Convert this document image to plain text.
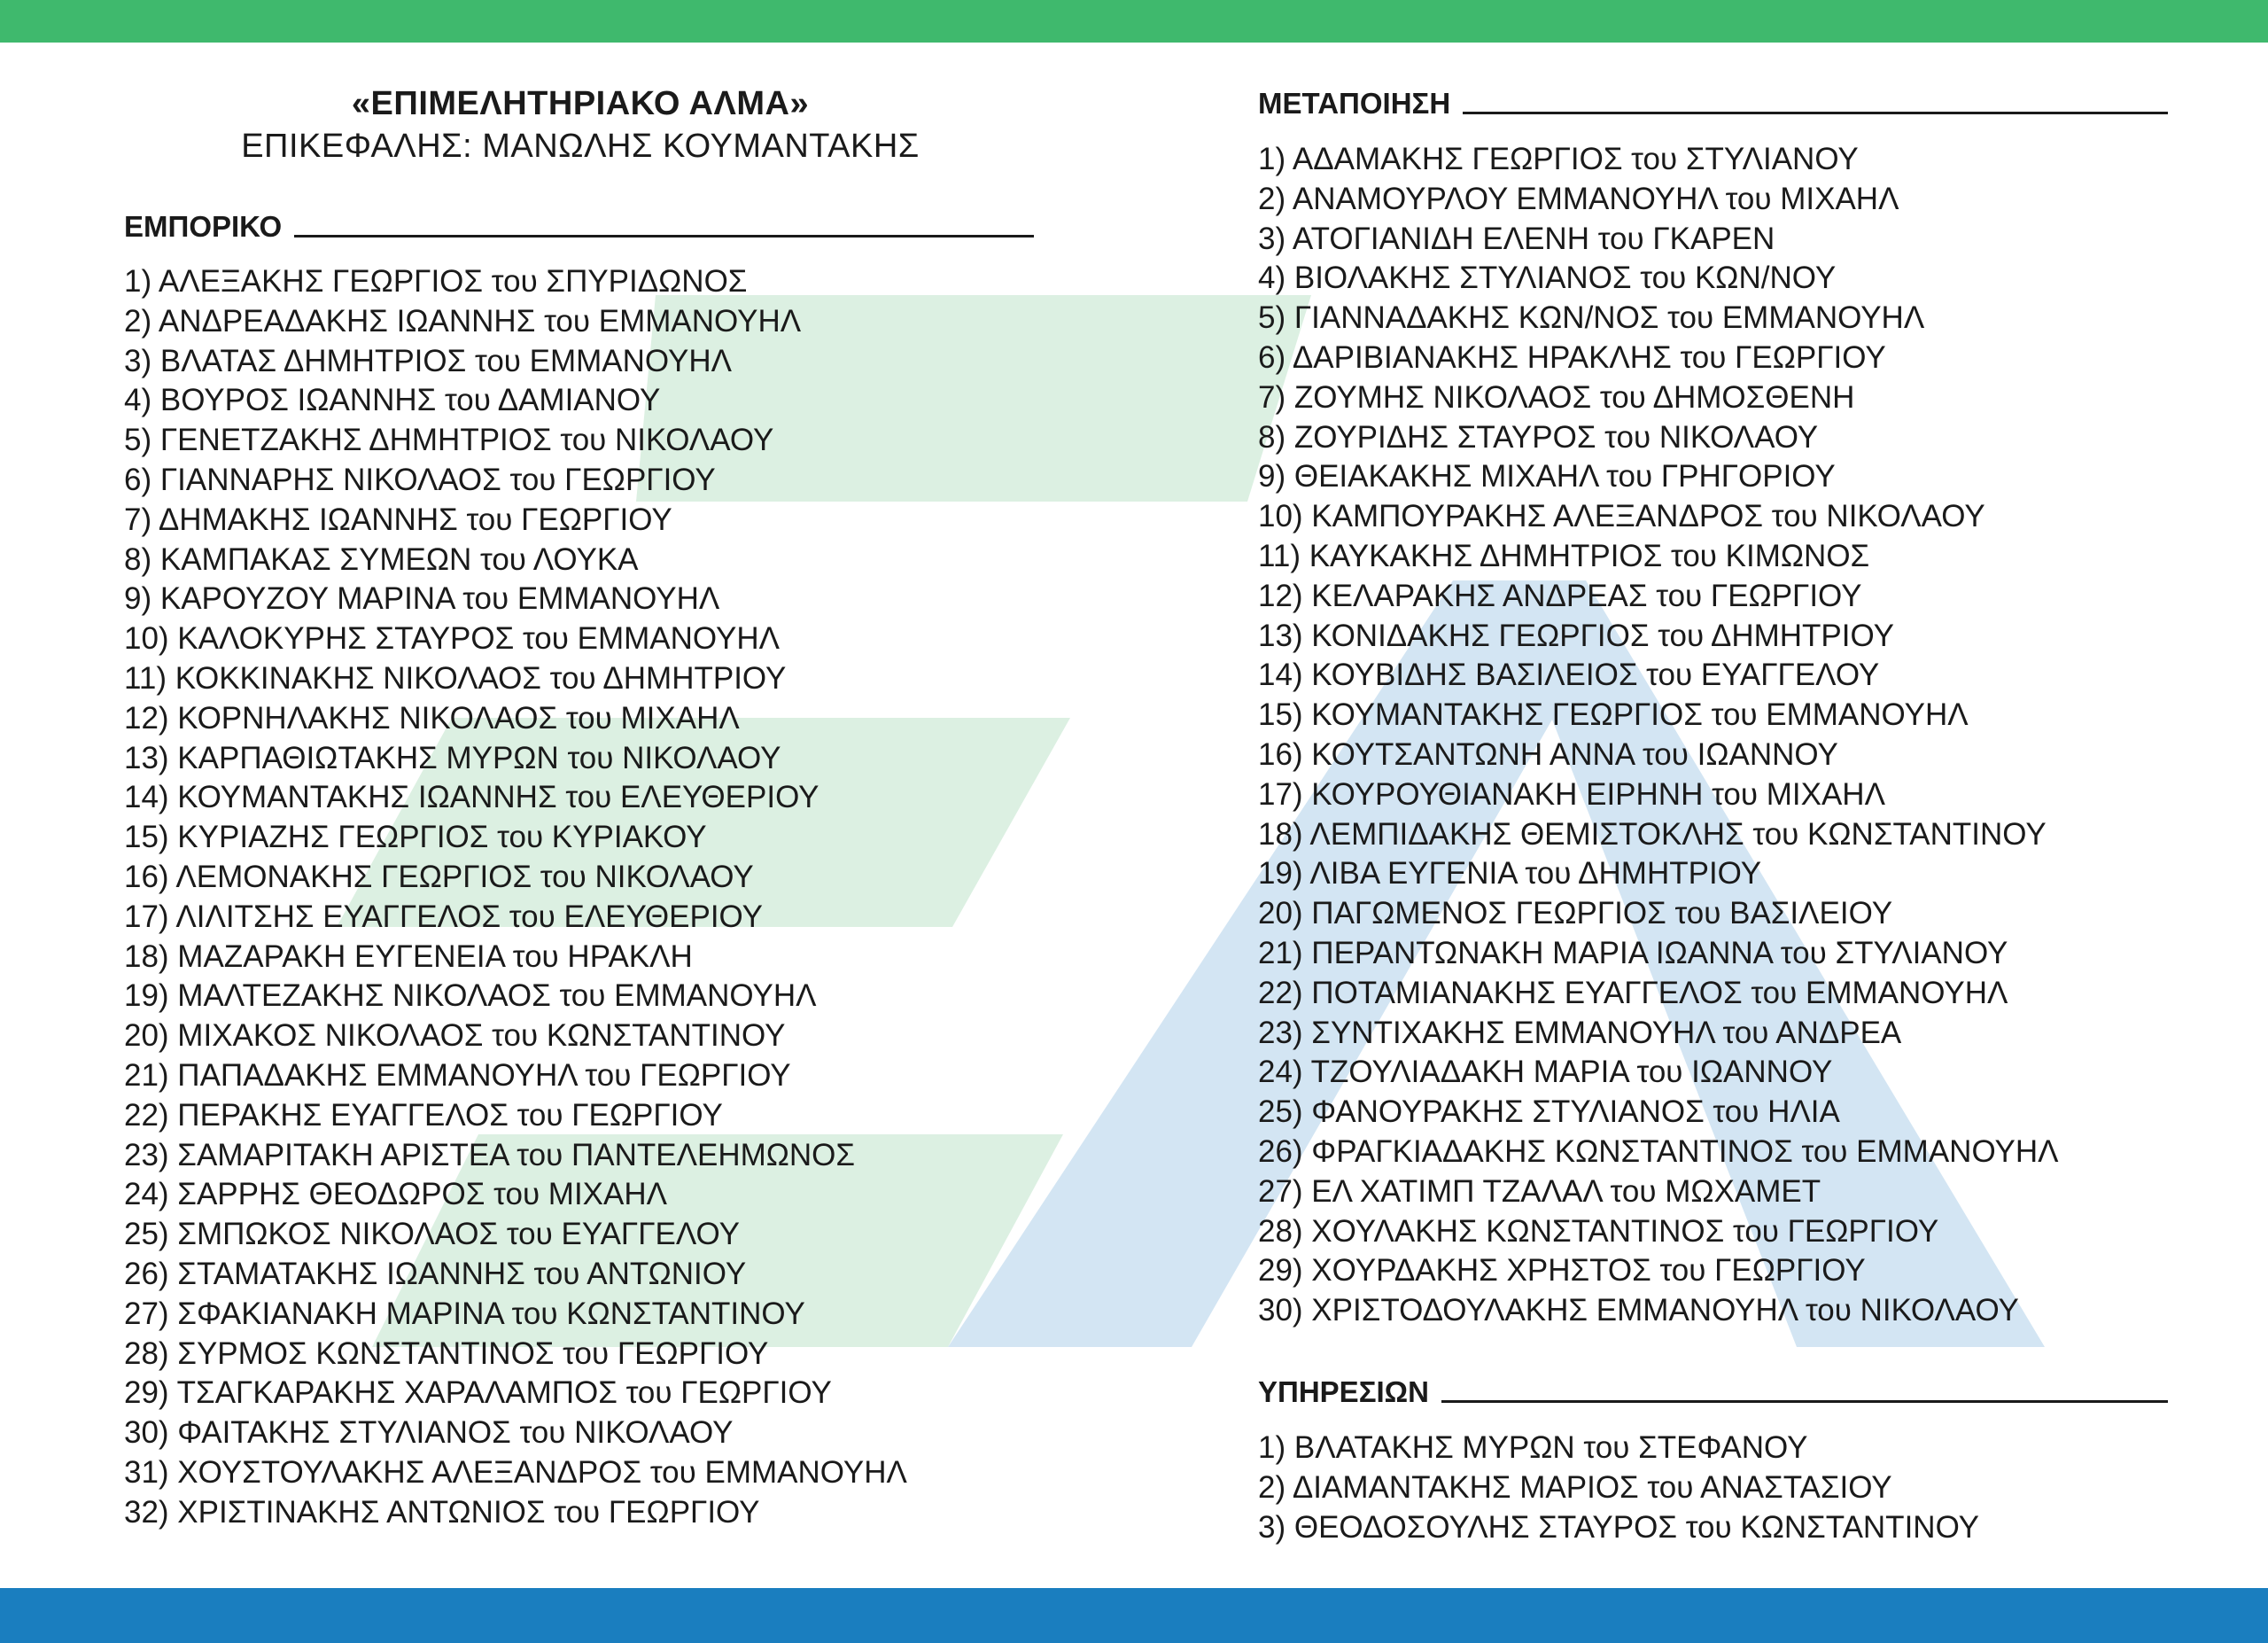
«ΕΠΙΜΕΛΗΤΗΡΙΑΚΟ ΑΛΜΑ»
ΕΠΙΚΕΦΑΛΗΣ: ΜΑΝΩΛΗΣ ΚΟΥΜΑΝΤΑΚΗΣ
ΕΜΠΟΡΙΚΟ
1) ΑΛΕΞΑΚΗΣ ΓΕΩΡΓΙΟΣ του ΣΠΥΡΙΔΩΝΟΣ
2) ΑΝΔΡΕΑΔΑΚΗΣ ΙΩΑΝΝΗΣ του ΕΜΜΑΝΟΥΗΛ
3) ΒΛΑΤΑΣ ΔΗΜΗΤΡΙΟΣ του ΕΜΜΑΝΟΥΗΛ
4) ΒΟΥΡΟΣ ΙΩΑΝΝΗΣ του ΔΑΜΙΑΝΟΥ
5) ΓΕΝΕΤΖΑΚΗΣ ΔΗΜΗΤΡΙΟΣ του ΝΙΚΟΛΑΟΥ
6) ΓΙΑΝΝΑΡΗΣ ΝΙΚΟΛΑΟΣ του ΓΕΩΡΓΙΟΥ
7) ΔΗΜΑΚΗΣ ΙΩΑΝΝΗΣ του ΓΕΩΡΓΙΟΥ
8) ΚΑΜΠΑΚΑΣ ΣΥΜΕΩΝ του ΛΟΥΚΑ
9) ΚΑΡΟΥΖΟΥ ΜΑΡΙΝΑ του ΕΜΜΑΝΟΥΗΛ
10) ΚΑΛΟΚΥΡΗΣ ΣΤΑΥΡΟΣ του ΕΜΜΑΝΟΥΗΛ
11) ΚΟΚΚΙΝΑΚΗΣ ΝΙΚΟΛΑΟΣ του ΔΗΜΗΤΡΙΟΥ
12) ΚΟΡΝΗΛΑΚΗΣ ΝΙΚΟΛΑΟΣ του ΜΙΧΑΗΛ
13) ΚΑΡΠΑΘΙΩΤΑΚΗΣ ΜΥΡΩΝ του ΝΙΚΟΛΑΟΥ
14) ΚΟΥΜΑΝΤΑΚΗΣ ΙΩΑΝΝΗΣ του ΕΛΕΥΘΕΡΙΟΥ
15) ΚΥΡΙΑΖΗΣ ΓΕΩΡΓΙΟΣ του ΚΥΡΙΑΚΟΥ
16) ΛΕΜΟΝΑΚΗΣ ΓΕΩΡΓΙΟΣ του ΝΙΚΟΛΑΟΥ
17) ΛΙΛΙΤΣΗΣ ΕΥΑΓΓΕΛΟΣ του ΕΛΕΥΘΕΡΙΟΥ
18) ΜΑΖΑΡΑΚΗ ΕΥΓΕΝΕΙΑ του ΗΡΑΚΛΗ
19) ΜΑΛΤΕΖΑΚΗΣ ΝΙΚΟΛΑΟΣ του ΕΜΜΑΝΟΥΗΛ
20) ΜΙΧΑΚΟΣ ΝΙΚΟΛΑΟΣ του ΚΩΝΣΤΑΝΤΙΝΟΥ
21) ΠΑΠΑΔΑΚΗΣ ΕΜΜΑΝΟΥΗΛ του ΓΕΩΡΓΙΟΥ
22) ΠΕΡΑΚΗΣ ΕΥΑΓΓΕΛΟΣ του ΓΕΩΡΓΙΟΥ
23) ΣΑΜΑΡΙΤΑΚΗ ΑΡΙΣΤΕΑ του ΠΑΝΤΕΛΕΗΜΩΝΟΣ
24) ΣΑΡΡΗΣ ΘΕΟΔΩΡΟΣ του ΜΙΧΑΗΛ
25) ΣΜΠΩΚΟΣ ΝΙΚΟΛΑΟΣ του ΕΥΑΓΓΕΛΟΥ
26) ΣΤΑΜΑΤΑΚΗΣ ΙΩΑΝΝΗΣ του ΑΝΤΩΝΙΟΥ
27) ΣΦΑΚΙΑΝΑΚΗ ΜΑΡΙΝΑ του ΚΩΝΣΤΑΝΤΙΝΟΥ
28) ΣΥΡΜΟΣ ΚΩΝΣΤΑΝΤΙΝΟΣ του ΓΕΩΡΓΙΟΥ
29) ΤΣΑΓΚΑΡΑΚΗΣ ΧΑΡΑΛΑΜΠΟΣ του ΓΕΩΡΓΙΟΥ
30) ΦΑΙΤΑΚΗΣ ΣΤΥΛΙΑΝΟΣ του ΝΙΚΟΛΑΟΥ
31) ΧΟΥΣΤΟΥΛΑΚΗΣ ΑΛΕΞΑΝΔΡΟΣ του ΕΜΜΑΝΟΥΗΛ
32) ΧΡΙΣΤΙΝΑΚΗΣ ΑΝΤΩΝΙΟΣ του ΓΕΩΡΓΙΟΥ
ΜΕΤΑΠΟΙΗΣΗ
1) ΑΔΑΜΑΚΗΣ ΓΕΩΡΓΙΟΣ του ΣΤΥΛΙΑΝΟΥ
2) ΑΝΑΜΟΥΡΛΟΥ ΕΜΜΑΝΟΥΗΛ του ΜΙΧΑΗΛ
3) ΑΤΟΓΙΑΝΙΔΗ ΕΛΕΝΗ του ΓΚΑΡΕΝ
4) ΒΙΟΛΑΚΗΣ ΣΤΥΛΙΑΝΟΣ του ΚΩΝ/ΝΟΥ
5) ΓΙΑΝΝΑΔΑΚΗΣ ΚΩΝ/ΝΟΣ του ΕΜΜΑΝΟΥΗΛ
6) ΔΑΡΙΒΙΑΝΑΚΗΣ ΗΡΑΚΛΗΣ του ΓΕΩΡΓΙΟΥ
7) ΖΟΥΜΗΣ ΝΙΚΟΛΑΟΣ του ΔΗΜΟΣΘΕΝΗ
8) ΖΟΥΡΙΔΗΣ ΣΤΑΥΡΟΣ του ΝΙΚΟΛΑΟΥ
9) ΘΕΙΑΚΑΚΗΣ ΜΙΧΑΗΛ του ΓΡΗΓΟΡΙΟΥ
10) ΚΑΜΠΟΥΡΑΚΗΣ ΑΛΕΞΑΝΔΡΟΣ του ΝΙΚΟΛΑΟΥ
11) ΚΑΥΚΑΚΗΣ ΔΗΜΗΤΡΙΟΣ του ΚΙΜΩΝΟΣ
12) ΚΕΛΑΡΑΚΗΣ ΑΝΔΡΕΑΣ του ΓΕΩΡΓΙΟΥ
13) ΚΟΝΙΔΑΚΗΣ ΓΕΩΡΓΙΟΣ του ΔΗΜΗΤΡΙΟΥ
14) ΚΟΥΒΙΔΗΣ ΒΑΣΙΛΕΙΟΣ του ΕΥΑΓΓΕΛΟΥ
15) ΚΟΥΜΑΝΤΑΚΗΣ ΓΕΩΡΓΙΟΣ του ΕΜΜΑΝΟΥΗΛ
16) ΚΟΥΤΣΑΝΤΩΝΗ ΑΝΝΑ του ΙΩΑΝΝΟΥ
17) ΚΟΥΡΟΥΘΙΑΝΑΚΗ ΕΙΡΗΝΗ του ΜΙΧΑΗΛ
18) ΛΕΜΠΙΔΑΚΗΣ ΘΕΜΙΣΤΟΚΛΗΣ του ΚΩΝΣΤΑΝΤΙΝΟΥ
19) ΛΙΒΑ ΕΥΓΕΝΙΑ του ΔΗΜΗΤΡΙΟΥ
20) ΠΑΓΩΜΕΝΟΣ ΓΕΩΡΓΙΟΣ του ΒΑΣΙΛΕΙΟΥ
21) ΠΕΡΑΝΤΩΝΑΚΗ ΜΑΡΙΑ ΙΩΑΝΝΑ του ΣΤΥΛΙΑΝΟΥ
22) ΠΟΤΑΜΙΑΝΑΚΗΣ ΕΥΑΓΓΕΛΟΣ του ΕΜΜΑΝΟΥΗΛ
23) ΣΥΝΤΙΧΑΚΗΣ ΕΜΜΑΝΟΥΗΛ του ΑΝΔΡΕΑ
24) ΤΖΟΥΛΙΑΔΑΚΗ ΜΑΡΙΑ του ΙΩΑΝΝΟΥ
25) ΦΑΝΟΥΡΑΚΗΣ ΣΤΥΛΙΑΝΟΣ του ΗΛΙΑ
26) ΦΡΑΓΚΙΑΔΑΚΗΣ ΚΩΝΣΤΑΝΤΙΝΟΣ του ΕΜΜΑΝΟΥΗΛ
27) ΕΛ ΧΑΤΙΜΠ ΤΖΑΛΑΛ του ΜΩΧΑΜΕΤ
28) ΧΟΥΛΑΚΗΣ ΚΩΝΣΤΑΝΤΙΝΟΣ του ΓΕΩΡΓΙΟΥ
29) ΧΟΥΡΔΑΚΗΣ ΧΡΗΣΤΟΣ του ΓΕΩΡΓΙΟΥ
30) ΧΡΙΣΤΟΔΟΥΛΑΚΗΣ ΕΜΜΑΝΟΥΗΛ του ΝΙΚΟΛΑΟΥ
ΥΠΗΡΕΣΙΩΝ
1) ΒΛΑΤΑΚΗΣ ΜΥΡΩΝ του ΣΤΕΦΑΝΟΥ
2) ΔΙΑΜΑΝΤΑΚΗΣ ΜΑΡΙΟΣ του ΑΝΑΣΤΑΣΙΟΥ
3) ΘΕΟΔΟΣΟΥΛΗΣ ΣΤΑΥΡΟΣ του ΚΩΝΣΤΑΝΤΙΝΟΥ
